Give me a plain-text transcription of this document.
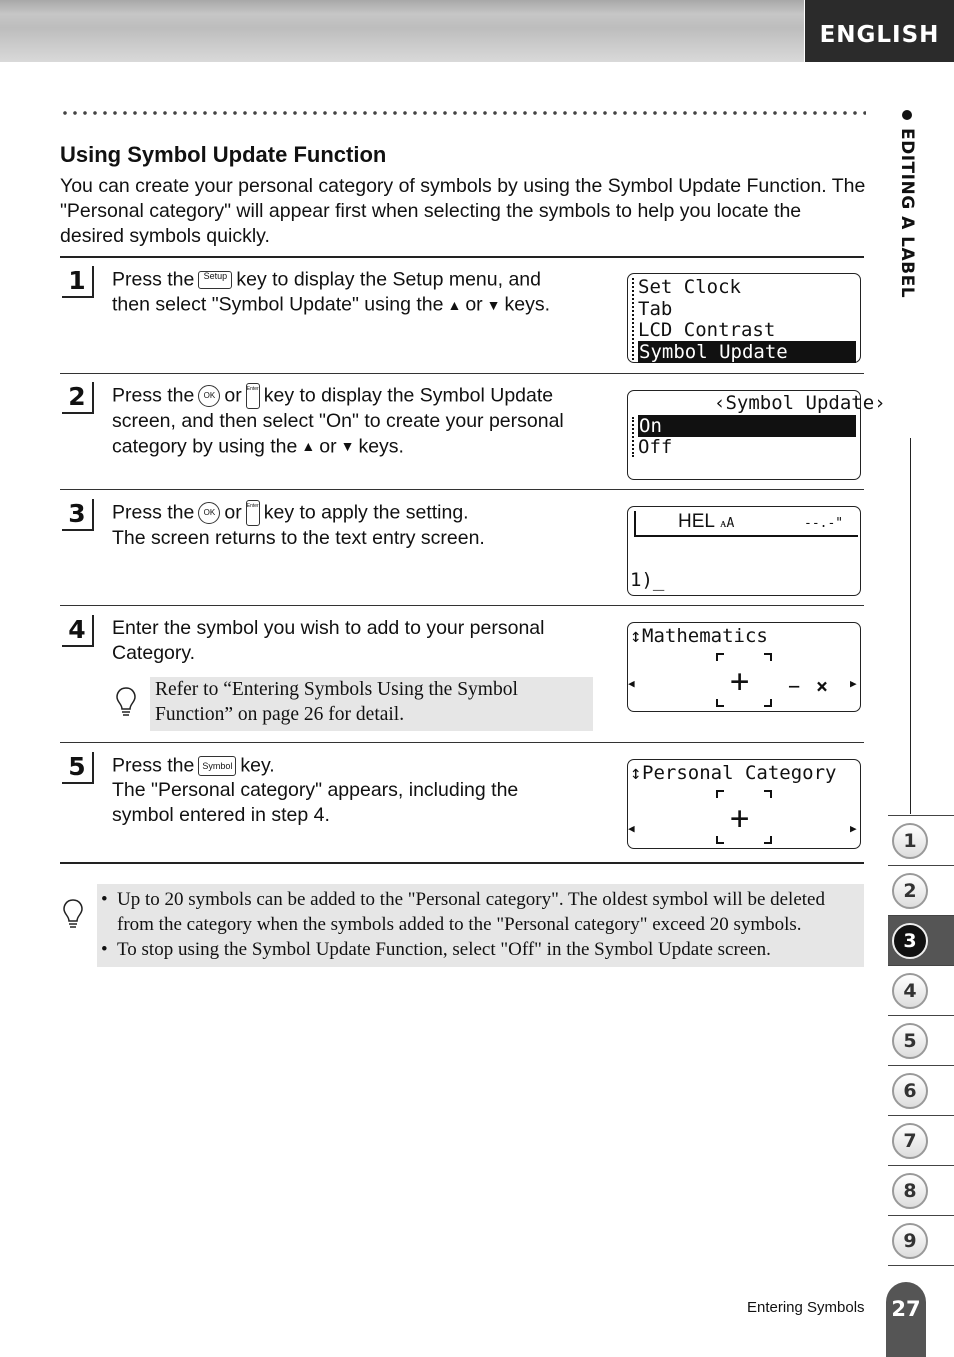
ENGLISH
EDITING A LABEL
1
2
3
4
5
6
7
8
9
Using Symbol Update Function

You can create your personal category of symbols by using the Symbol Update Function. The "Personal category" will appear first when selecting the symbols to help you locate the desired symbols quickly.

1	Press the Setup key to display the Setup menu, and
then select "Symbol Update" using the ▲ or ▼ keys.
Set Clock
Tab
LCD Contrast
Symbol Update
2	Press the OK or Enter key to display the Symbol Update
screen, and then select "On" to create your personal
category by using the ▲ or ▼ keys.
‹Symbol Update›
On
Off
3	Press the OK or Enter key to apply the setting.
The screen returns to the text entry screen.
HEL ᴀA	--.-"
1)_
4	Enter the symbol you wish to add to your personal
Category.
Refer to “Entering Symbols Using the Symbol Function” on page 26 for detail.
↕ Mathematics
◀	▶
+ − ×
5	Press the Symbol key.
The "Personal category" appears, including the
symbol entered in step 4.
↕ Personal Category
◀	▶
+
• Up to 20 symbols can be added to the "Personal category". The oldest symbol will be deleted from the category when the symbols added to the "Personal category" exceed 20 symbols.
• To stop using the Symbol Update Function, select "Off" in the Symbol Update screen.
Entering Symbols 27
